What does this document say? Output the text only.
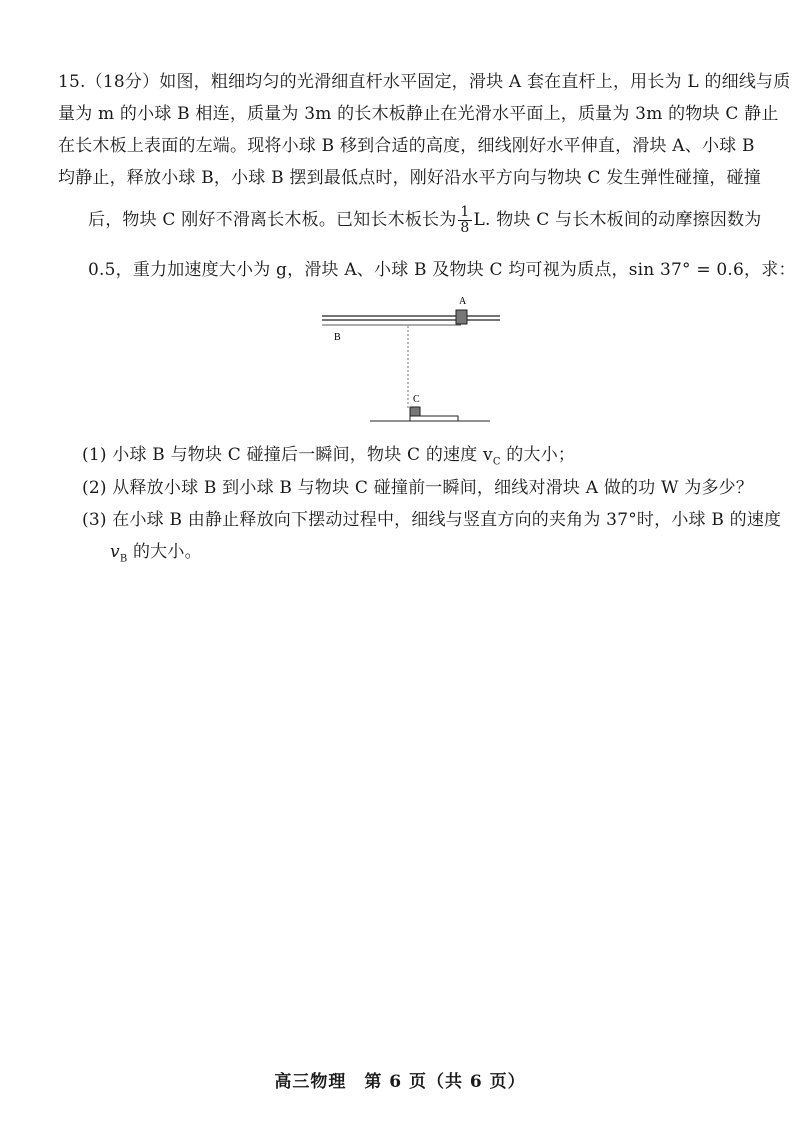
15.（18分）如图，粗细均匀的光滑细直杆水平固定，滑块 A 套在直杆上，用长为 L 的细线与质
量为 m 的小球 B 相连，质量为 3m 的长木板静止在光滑水平面上，质量为 3m 的物块 C 静止
在长木板上表面的左端。现将小球 B 移到合适的高度，细线刚好水平伸直，滑块 A、小球 B
均静止，释放小球 B，小球 B 摆到最低点时，刚好沿水平方向与物块 C 发生弹性碰撞，碰撞
后，物块 C 刚好不滑离长木板。已知长木板长为 $\frac{1}{8} L$. 物块 C 与长木板间的动摩擦因数为
0.5，重力加速度大小为 g，滑块 A、小球 B 及物块 C 均可视为质点，sin 37° = 0.6，求：
A
B
C
(1) 小球 B 与物块 C 碰撞后一瞬间，物块 C 的速度 $v_C$ 的大小；
(2) 从释放小球 B 到小球 B 与物块 C 碰撞前一瞬间，细线对滑块 A 做的功 W 为多少？
(3) 在小球 B 由静止释放向下摆动过程中，细线与竖直方向的夹角为 37°时，小球 B 的速度
$v_B$ 的大小。
高三物理　第 6 页（共 6 页）
